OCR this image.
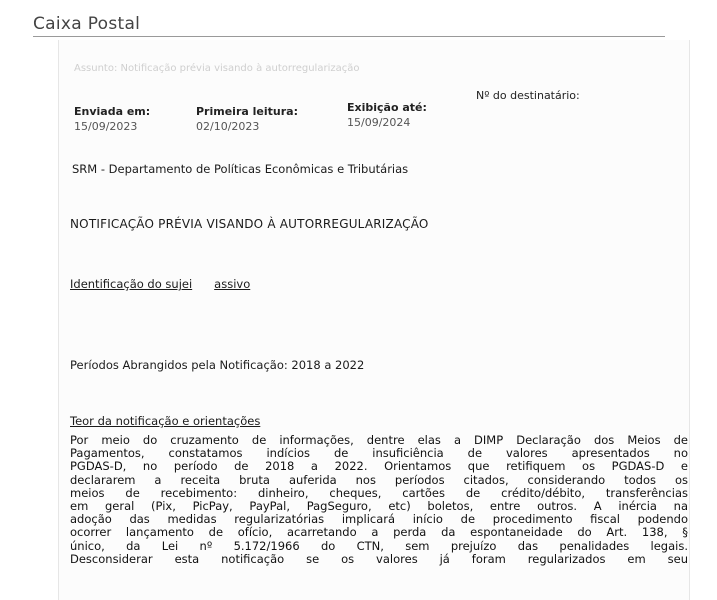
Caixa Postal
Assunto: Notificação prévia visando à autorregularização
Enviada em:
15/09/2023
Primeira leitura:
02/10/2023
Exibição até:
15/09/2024
Nº do destinatário:
SRM - Departamento de Políticas Econômicas e Tributárias
NOTIFICAÇÃO PRÉVIA VISANDO À AUTORREGULARIZAÇÃO
Identificação do sujei assivo
Períodos Abrangidos pela Notificação: 2018 a 2022
Teor da notificação e orientações
Por meio do cruzamento de informações, dentre elas a DIMP Declaração dos Meios de
Pagamentos, constatamos indícios de insuficiência de valores apresentados no
PGDAS-D, no período de 2018 a 2022. Orientamos que retifiquem os PGDAS-D e
declararem a receita bruta auferida nos períodos citados, considerando todos os
meios de recebimento: dinheiro, cheques, cartões de crédito/débito, transferências
em geral (Pix, PicPay, PayPal, PagSeguro, etc) boletos, entre outros. A inércia na
adoção das medidas regularizatórias implicará início de procedimento fiscal podendo
ocorrer lançamento de ofício, acarretando a perda da espontaneidade do Art. 138, §
único, da Lei nº 5.172/1966 do CTN, sem prejuízo das penalidades legais.
Desconsiderar esta notificação se os valores já foram regularizados em seu
